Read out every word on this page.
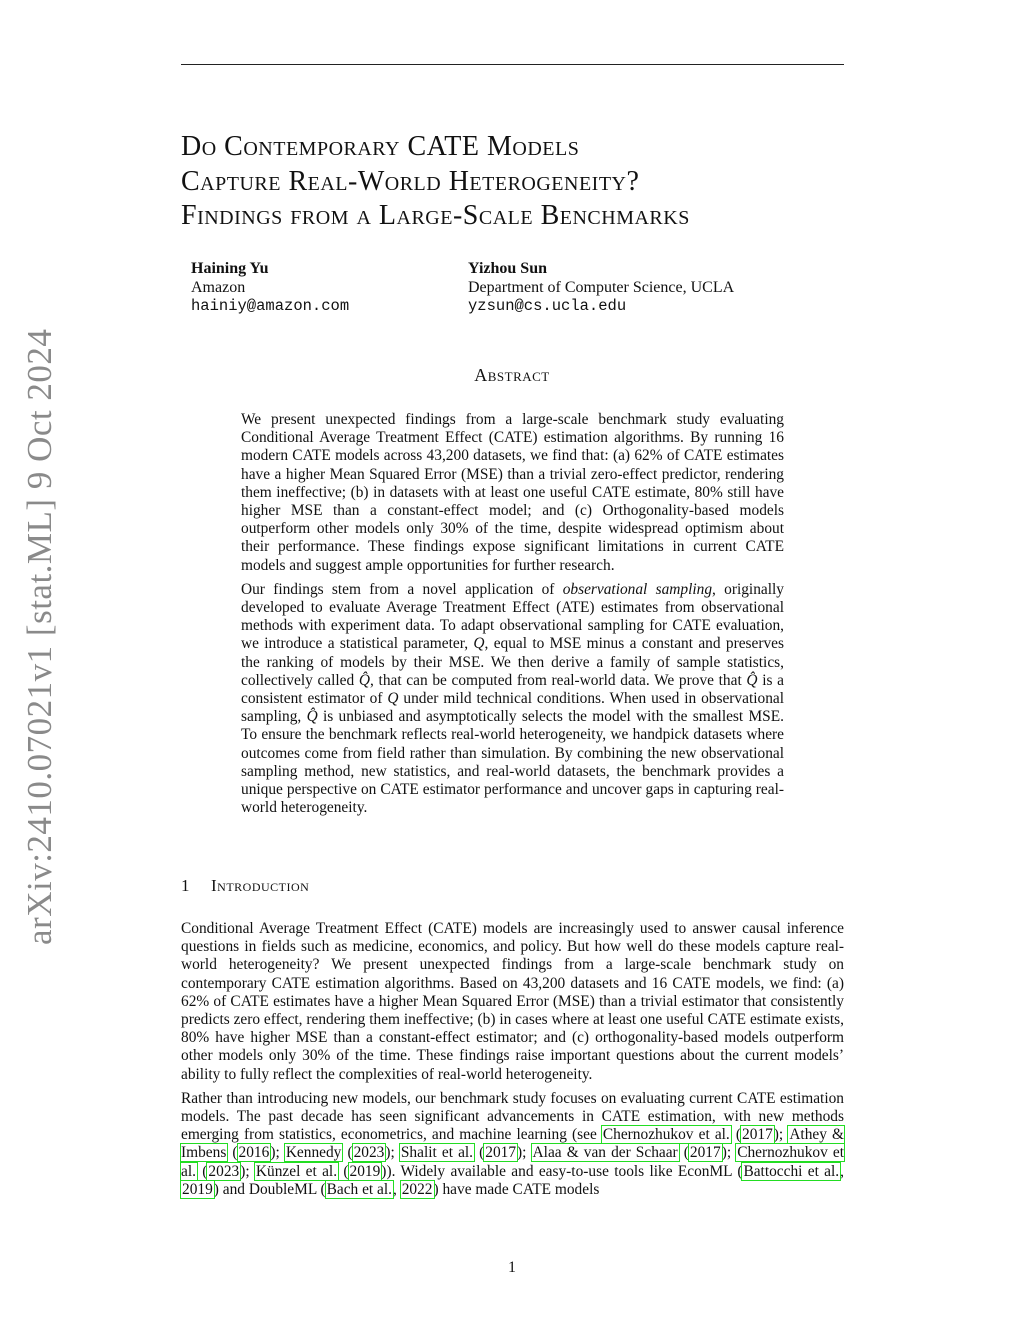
arXiv:2410.07021v1 [stat.ML] 9 Oct 2024
Do Contemporary CATE Models
Capture Real-World Heterogeneity?
Findings from a Large-Scale Benchmarks
Haining Yu
Amazon
hainiy@amazon.com
Yizhou Sun
Department of Computer Science, UCLA
yzsun@cs.ucla.edu
Abstract

We present unexpected findings from a large-scale benchmark study evaluating Conditional Average Treatment Effect (CATE) estimation algorithms. By running 16 modern CATE models across 43,200 datasets, we find that: (a) 62% of CATE estimates have a higher Mean Squared Error (MSE) than a trivial zero-effect predictor, rendering them ineffective; (b) in datasets with at least one useful CATE estimate, 80% still have higher MSE than a constant-effect model; and (c) Orthogonality-based models outperform other models only 30% of the time, despite widespread optimism about their performance. These findings expose significant limitations in current CATE models and suggest ample opportunities for further research.

Our findings stem from a novel application of observational sampling, originally developed to evaluate Average Treatment Effect (ATE) estimates from observational methods with experiment data. To adapt observational sampling for CATE evaluation, we introduce a statistical parameter, Q, equal to MSE minus a constant and preserves the ranking of models by their MSE. We then derive a family of sample statistics, collectively called Q̂, that can be computed from real-world data. We prove that Q̂ is a consistent estimator of Q under mild technical conditions. When used in observational sampling, Q̂ is unbiased and asymptotically selects the model with the smallest MSE. To ensure the benchmark reflects real-world heterogeneity, we handpick datasets where outcomes come from field rather than simulation. By combining the new observational sampling method, new statistics, and real-world datasets, the benchmark provides a unique perspective on CATE estimator performance and uncover gaps in capturing real-world heterogeneity.

1 Introduction

Conditional Average Treatment Effect (CATE) models are increasingly used to answer causal inference questions in fields such as medicine, economics, and policy. But how well do these models capture real-world heterogeneity? We present unexpected findings from a large-scale benchmark study on contemporary CATE estimation algorithms. Based on 43,200 datasets and 16 CATE models, we find: (a) 62% of CATE estimates have a higher Mean Squared Error (MSE) than a trivial estimator that consistently predicts zero effect, rendering them ineffective; (b) in cases where at least one useful CATE estimate exists, 80% have higher MSE than a constant-effect estimator; and (c) orthogonality-based models outperform other models only 30% of the time. These findings raise important questions about the current models’ ability to fully reflect the complexities of real-world heterogeneity.

Rather than introducing new models, our benchmark study focuses on evaluating current CATE estimation models. The past decade has seen significant advancements in CATE estimation, with new methods emerging from statistics, econometrics, and machine learning (see Chernozhukov et al. (2017); Athey & Imbens (2016); Kennedy (2023); Shalit et al. (2017); Alaa & van der Schaar (2017); Chernozhukov et al. (2023); Künzel et al. (2019)). Widely available and easy-to-use tools like EconML (Battocchi et al., 2019) and DoubleML (Bach et al., 2022) have made CATE models

1
